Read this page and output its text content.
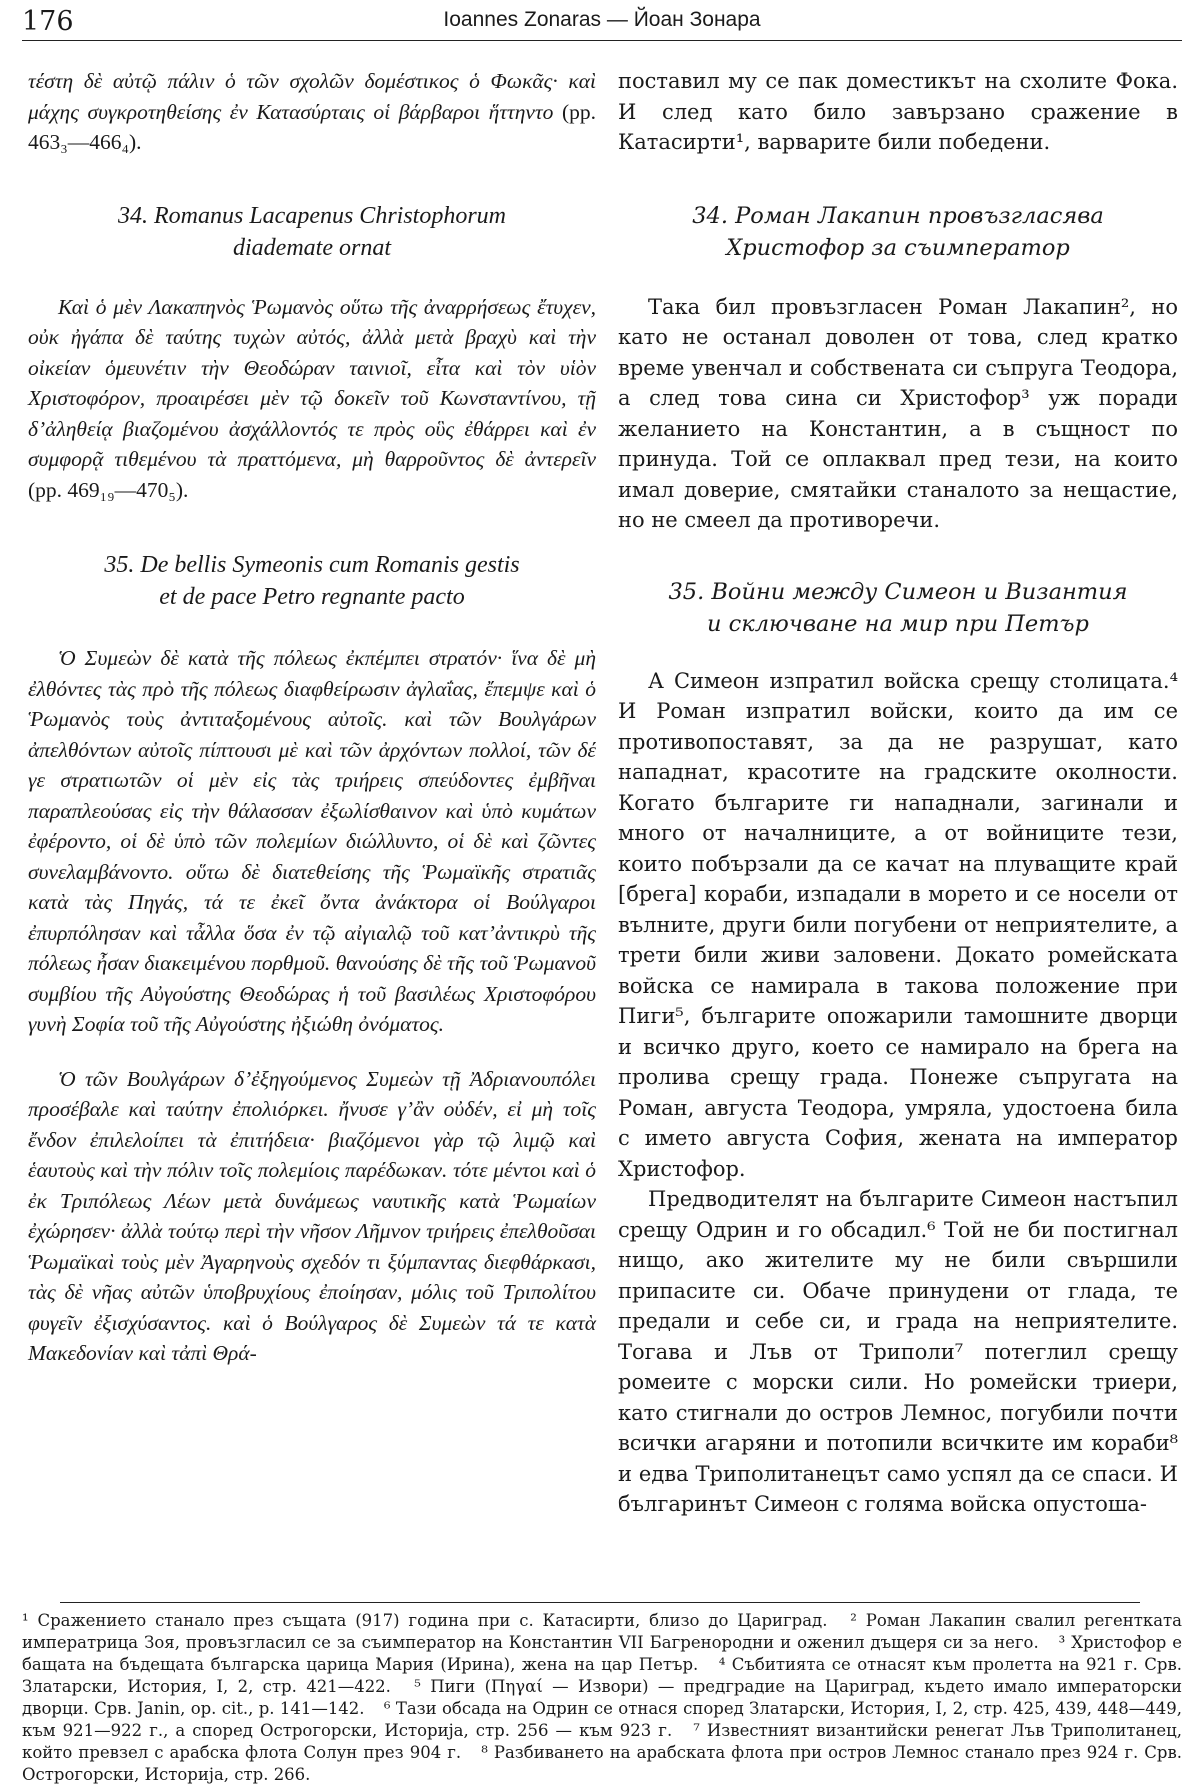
176	Ioannes Zonaras — Йоан Зонара

τέστη δὲ αὐτῷ πάλιν ὁ τῶν σχολῶν δομέστικος ὁ Φωκᾶς· καὶ μάχης συγκροτηθείσης ἐν Κατασύρταις οἱ βάρβαροι ἥττηντο (pp. 463₃—466₄).

34. Romanus Lacapenus Christophorum
diademate ornat

Καὶ ὁ μὲν Λακαπηνὸς Ῥωμανὸς οὕτω τῆς ἀναρρήσεως ἔτυχεν, οὐκ ἠγάπα δὲ ταύτης τυχὼν αὐτός, ἀλλὰ μετὰ βραχὺ καὶ τὴν οἰκείαν ὁμευνέτιν τὴν Θεοδώραν ταινιοῖ, εἶτα καὶ τὸν υἱὸν Χριστοφόρον, προαιρέσει μὲν τῷ δοκεῖν τοῦ Κωνσταντίνου, τῇ δ’ἀληθείᾳ βιαζομένου ἀσχάλλοντός τε πρὸς οὓς ἐθάρρει καὶ ἐν συμφορᾷ τιθεμένου τὰ πραττόμενα, μὴ θαρροῦντος δὲ ἀντερεῖν (pp. 469₁₉—470₅).

35. De bellis Symeonis cum Romanis gestis
et de pace Petro regnante pacto

Ὁ Συμεὼν δὲ κατὰ τῆς πόλεως ἐκπέμπει στρατόν· ἵνα δὲ μὴ ἐλθόντες τὰς πρὸ τῆς πόλεως διαφθείρωσιν ἀγλαΐας, ἔπεμψε καὶ ὁ Ῥωμανὸς τοὺς ἀντιταξομένους αὐτοῖς. καὶ τῶν Βουλγάρων ἀπελθόντων αὐτοῖς πίπτουσι μὲ καὶ τῶν ἀρχόντων πολλοί, τῶν δέ γε στρατιωτῶν οἱ μὲν εἰς τὰς τριήρεις σπεύδοντες ἐμβῆναι παραπλεούσας εἰς τὴν θάλασσαν ἐξωλίσθαινον καὶ ὑπὸ κυμάτων ἐφέροντο, οἱ δὲ ὑπὸ τῶν πολεμίων διώλλυντο, οἱ δὲ καὶ ζῶντες συνελαμβάνοντο. οὕτω δὲ διατεθείσης τῆς Ῥωμαϊκῆς στρατιᾶς κατὰ τὰς Πηγάς, τά τε ἐκεῖ ὄντα ἀνάκτορα οἱ Βούλγαροι ἐπυρπόλησαν καὶ τἆλλα ὅσα ἐν τῷ αἰγιαλῷ τοῦ κατ’ἀντικρὺ τῆς πόλεως ἦσαν διακειμένου πορθμοῦ. θανούσης δὲ τῆς τοῦ Ῥωμανοῦ συμβίου τῆς Αὐγούστης Θεοδώρας ἡ τοῦ βασιλέως Χριστοφόρου γυνὴ Σοφία τοῦ τῆς Αὐγούστης ἠξιώθη ὀνόματος.

Ὁ τῶν Βουλγάρων δ’ἐξηγούμενος Συμεὼν τῇ Ἀδριανουπόλει προσέβαλε καὶ ταύτην ἐπολιόρκει. ἤνυσε γ’ἂν οὐδέν, εἰ μὴ τοῖς ἔνδον ἐπιλελοίπει τὰ ἐπιτήδεια· βιαζόμενοι γὰρ τῷ λιμῷ καὶ ἑαυτοὺς καὶ τὴν πόλιν τοῖς πολεμίοις παρέδωκαν. τότε μέντοι καὶ ὁ ἐκ Τριπόλεως Λέων μετὰ δυνάμεως ναυτικῆς κατὰ Ῥωμαίων ἐχώρησεν· ἀλλὰ τούτῳ περὶ τὴν νῆσον Λῆμνον τριήρεις ἐπελθοῦσαι Ῥωμαϊκαὶ τοὺς μὲν Ἀγαρηνοὺς σχεδόν τι ξύμπαντας διεφθάρκασι, τὰς δὲ νῆας αὐτῶν ὑποβρυχίους ἐποίησαν, μόλις τοῦ Τριπολίτου φυγεῖν ἐξισχύσαντος. καὶ ὁ Βούλγαρος δὲ Συμεὼν τά τε κατὰ Μακεδονίαν καὶ τἀπὶ Θρά-

поставил му се пак доместикът на схолите Фока. И след като било завързано сражение в Катасирти¹, варварите били победени.

34. Роман Лакапин провъзгласява
Христофор за съимператор

Така бил провъзгласен Роман Лакапин², но като не останал доволен от това, след кратко време увенчал и собствената си съпруга Теодора, а след това сина си Христофор³ уж поради желанието на Константин, а в същност по принуда. Той се оплаквал пред тези, на които имал доверие, смятайки станалото за нещастие, но не смеел да противоречи.

35. Войни между Симеон и Византия
и сключване на мир при Петър

А Симеон изпратил войска срещу столицата.⁴ И Роман изпратил войски, които да им се противопоставят, за да не разрушат, като нападнат, красотите на градските околности. Когато българите ги нападнали, загинали и много от началниците, а от войниците тези, които побързали да се качат на плуващите край [брега] кораби, изпадали в морето и се носели от вълните, други били погубени от неприятелите, а трети били живи заловени. Докато ромейската войска се намирала в такова положение при Пиги⁵, българите опожарили тамошните дворци и всичко друго, което се намирало на брега на пролива срещу града. Понеже съпругата на Роман, августа Теодора, умряла, удостоена била с името августа София, жената на император Христофор.

Предводителят на българите Симеон настъпил срещу Одрин и го обсадил.⁶ Той не би постигнал нищо, ако жителите му не били свършили припасите си. Обаче принудени от глада, те предали и себе си, и града на неприятелите. Тогава и Лъв от Триполи⁷ потеглил срещу ромеите с морски сили. Но ромейски триери, като стигнали до остров Лемнос, погубили почти всички агаряни и потопили всичките им кораби⁸ и едва Триполитанецът само успял да се спаси. И българинът Симеон с голяма войска опустоша-

¹ Сражението станало през същата (917) година при с. Катасирти, близо до Цариград. ² Роман Лакапин свалил регентката императрица Зоя, провъзгласил се за съимператор на Константин VII Багренородни и оженил дъщеря си за него. ³ Христофор е бащата на бъдещата българска царица Мария (Ирина), жена на цар Петър. ⁴ Събитията се отнасят към пролетта на 921 г. Срв. Златарски, История, I, 2, стр. 421—422. ⁵ Пиги (Πηγαί — Извори) — предградие на Цариград, където имало императорски дворци. Срв. Janin, op. cit., p. 141—142. ⁶ Тази обсада на Одрин се отнася според Златарски, История, I, 2, стр. 425, 439, 448—449, към 921—922 г., а според Острогорски, Историја, стр. 256 — към 923 г. ⁷ Известният византийски ренегат Лъв Триполитанец, който превзел с арабска флота Солун през 904 г. ⁸ Разбиването на арабската флота при остров Лемнос станало през 924 г. Срв. Острогорски, Историја, стр. 266.
